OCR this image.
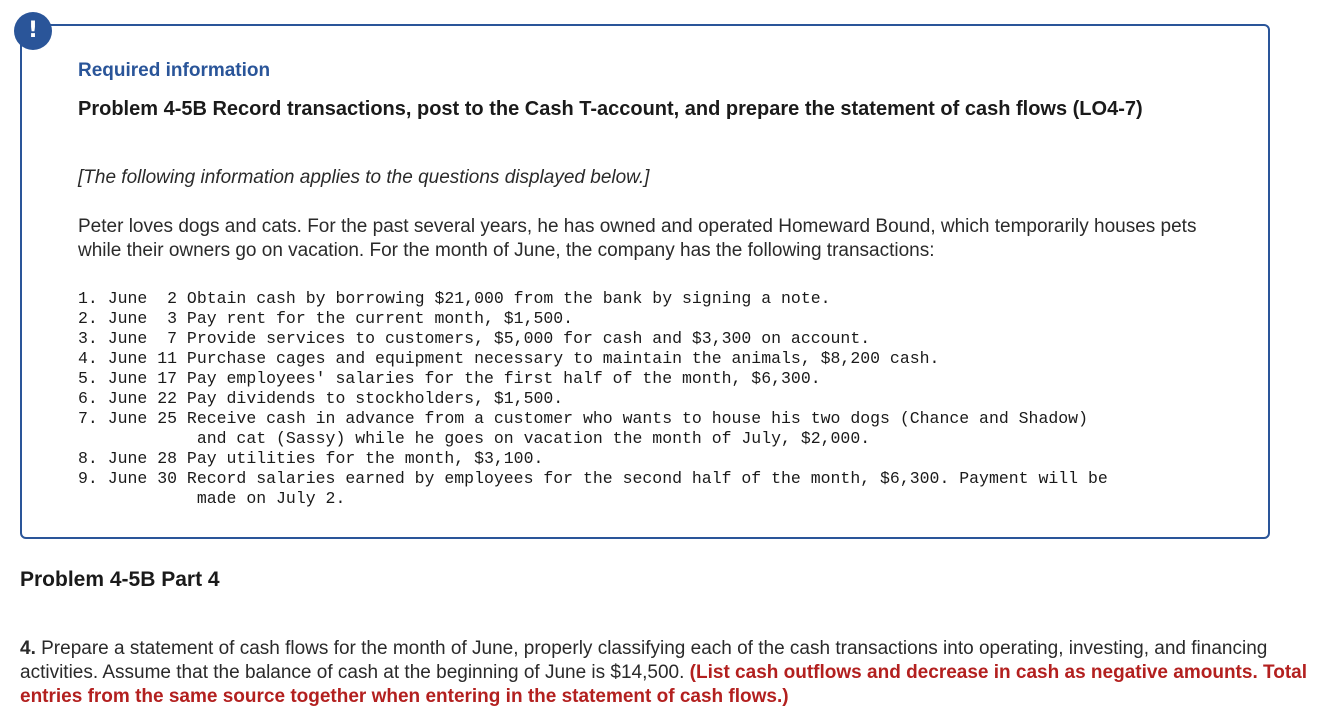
!
Required information
Problem 4-5B Record transactions, post to the Cash T-account, and prepare the statement of cash flows (LO4-7)

[The following information applies to the questions displayed below.]

Peter loves dogs and cats. For the past several years, he has owned and operated Homeward Bound, which temporarily houses pets while their owners go on vacation. For the month of June, the company has the following transactions:

1. June  2 Obtain cash by borrowing $21,000 from the bank by signing a note.
2. June  3 Pay rent for the current month, $1,500.
3. June  7 Provide services to customers, $5,000 for cash and $3,300 on account.
4. June 11 Purchase cages and equipment necessary to maintain the animals, $8,200 cash.
5. June 17 Pay employees' salaries for the first half of the month, $6,300.
6. June 22 Pay dividends to stockholders, $1,500.
7. June 25 Receive cash in advance from a customer who wants to house his two dogs (Chance and Shadow)
and cat (Sassy) while he goes on vacation the month of July, $2,000.
8. June 28 Pay utilities for the month, $3,100.
9. June 30 Record salaries earned by employees for the second half of the month, $6,300. Payment will be
made on July 2.
Problem 4-5B Part 4

4. Prepare a statement of cash flows for the month of June, properly classifying each of the cash transactions into operating, investing, and financing activities. Assume that the balance of cash at the beginning of June is $14,500. (List cash outflows and decrease in cash as negative amounts. Total entries from the same source together when entering in the statement of cash flows.)
